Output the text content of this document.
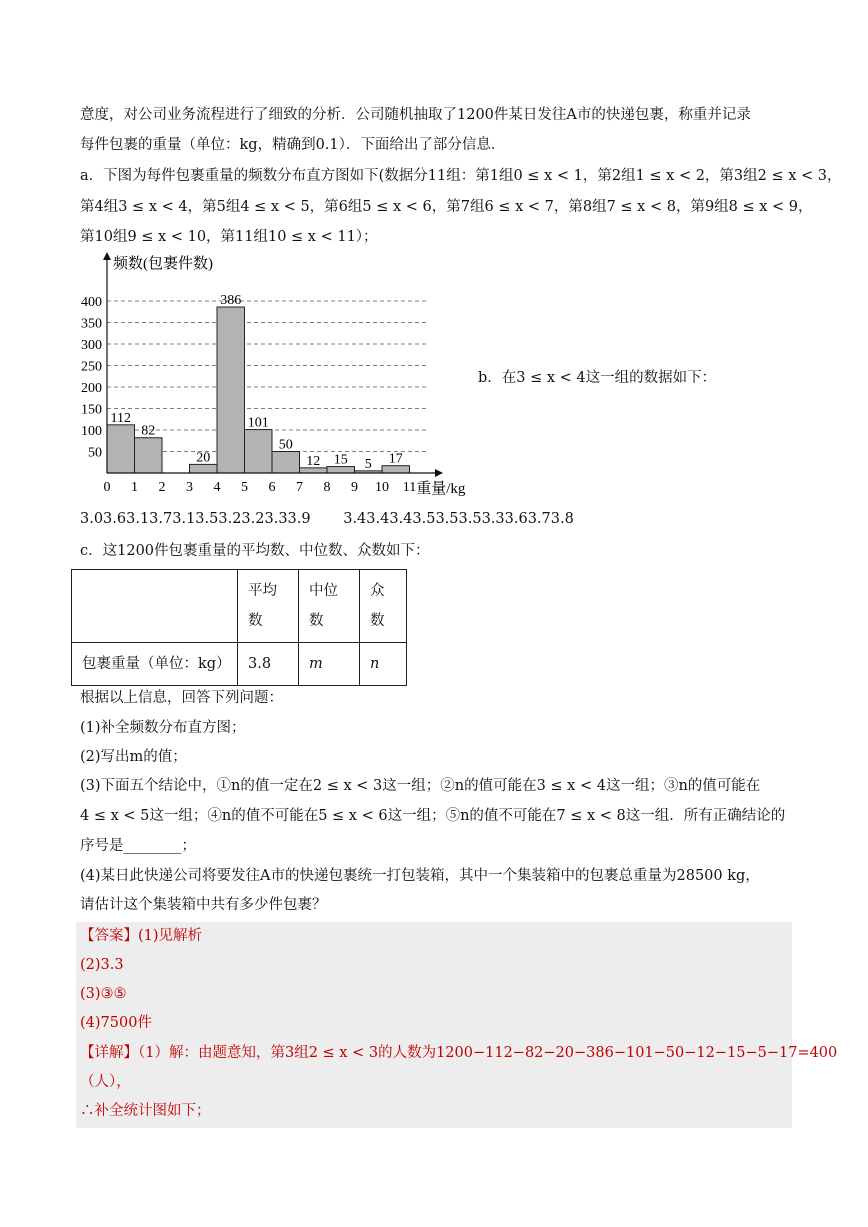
意度，对公司业务流程进行了细致的分析．公司随机抽取了1200件某日发往A市的快递包裹，称重并记录
每件包裹的重量（单位：kg，精确到0.1）．下面给出了部分信息．
a．下图为每件包裹重量的频数分布直方图如下(数据分11组：第1组0 ≤ x < 1，第2组1 ≤ x < 2，第3组2 ≤ x < 3，
第4组3 ≤ x < 4，第5组4 ≤ x < 5，第6组5 ≤ x < 6，第7组6 ≤ x < 7，第8组7 ≤ x < 8，第9组8 ≤ x < 9，
第10组9 ≤ x < 10，第11组10 ≤ x < 11）；
50
100
150
200
250
300
350
400
112
82
20
386
101
50
12 15 5 17
0 1 2 3 4 5 6 7 8 9 10 11
频数(包裹件数)
重量/kg
b．在3 ≤ x < 4这一组的数据如下：
3.03.63.13.73.13.53.23.23.33.9 3.43.43.43.53.53.53.33.63.73.8
c．这1200件包裹重量的平均数、中位数、众数如下：
	平均数	中位数	众数
包裹重量（单位：kg）	3.8	m	n
根据以上信息，回答下列问题：
(1)补全频数分布直方图；
(2)写出m的值；
(3)下面五个结论中，①n的值一定在2 ≤ x < 3这一组；②n的值可能在3 ≤ x < 4这一组；③n的值可能在
4 ≤ x < 5这一组；④n的值不可能在5 ≤ x < 6这一组；⑤n的值不可能在7 ≤ x < 8这一组．所有正确结论的
序号是________；
(4)某日此快递公司将要发往A市的快递包裹统一打包装箱，其中一个集装箱中的包裹总重量为28500 kg，
请估计这个集装箱中共有多少件包裹？
【答案】(1)见解析
(2)3.3
(3)③⑤
(4)7500件
【详解】（1）解：由题意知，第3组2 ≤ x < 3的人数为1200−112−82−20−386−101−50−12−15−5−17=400
（人），
∴补全统计图如下；
